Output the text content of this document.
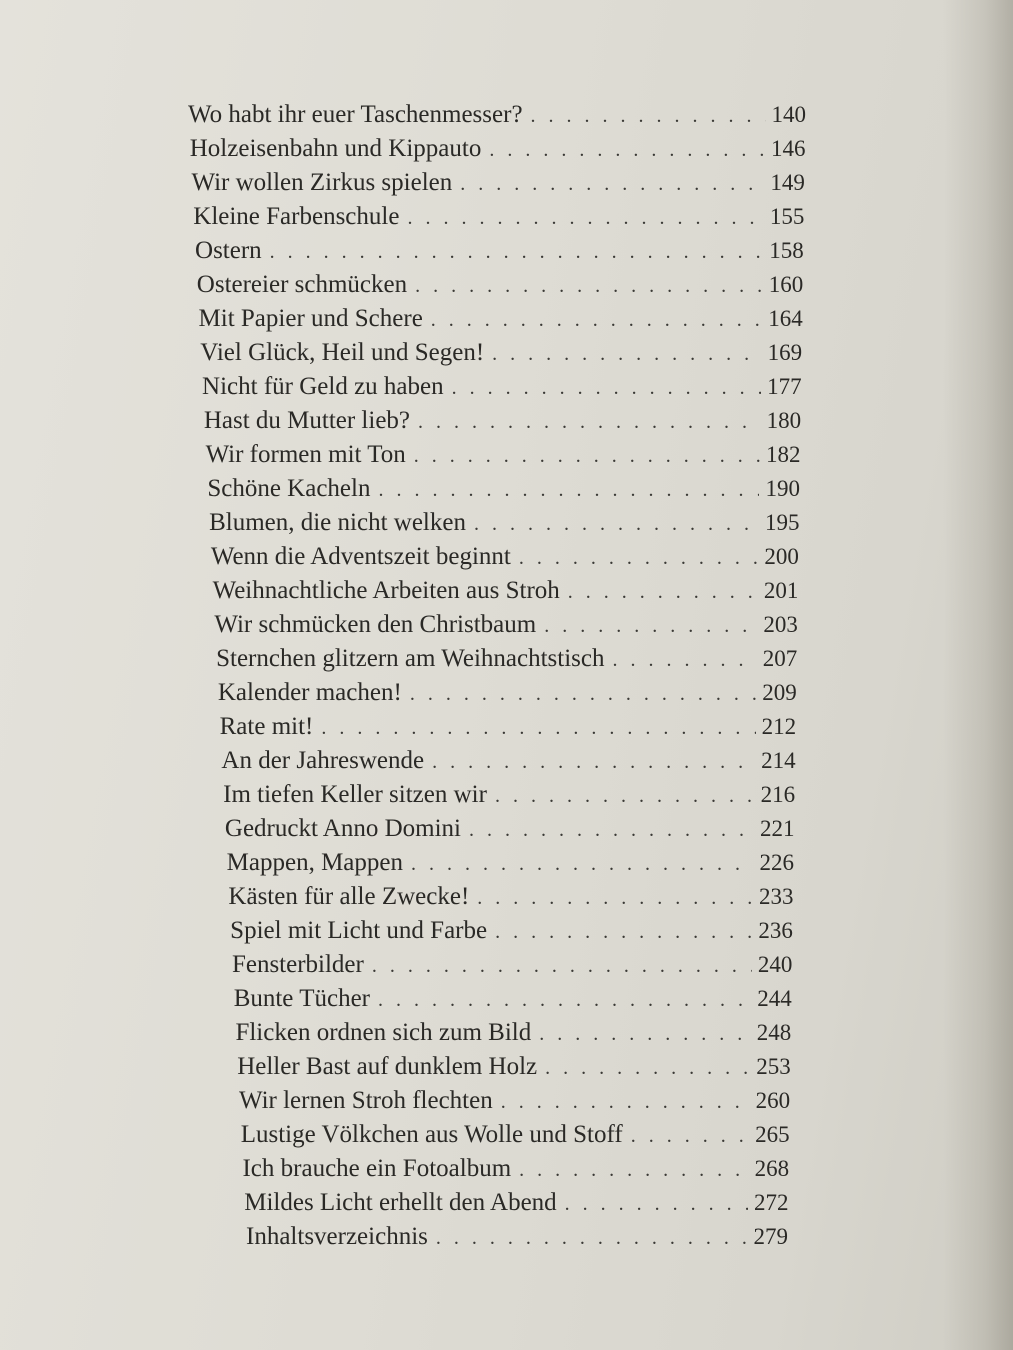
Wo habt ihr euer Taschenmesser? . . .	140
Holzeisenbahn und Kippauto . . .	146
Wir wollen Zirkus spielen . . .	149
Kleine Farbenschule . . .	155
Ostern . . .	158
Ostereier schmücken . . .	160
Mit Papier und Schere . . .	164
Viel Glück, Heil und Segen! . . .	169
Nicht für Geld zu haben . . .	177
Hast du Mutter lieb? . . .	180
Wir formen mit Ton . . .	182
Schöne Kacheln . . .	190
Blumen, die nicht welken . . .	195
Wenn die Adventszeit beginnt . . .	200
Weihnachtliche Arbeiten aus Stroh . . .	201
Wir schmücken den Christbaum . . .	203
Sternchen glitzern am Weihnachtstisch . . .	207
Kalender machen! . . .	209
Rate mit! . . .	212
An der Jahreswende . . .	214
Im tiefen Keller sitzen wir . . .	216
Gedruckt Anno Domini . . .	221
Mappen, Mappen . . .	226
Kästen für alle Zwecke! . . .	233
Spiel mit Licht und Farbe . . .	236
Fensterbilder . . .	240
Bunte Tücher . . .	244
Flicken ordnen sich zum Bild . . .	248
Heller Bast auf dunklem Holz . . .	253
Wir lernen Stroh flechten . . .	260
Lustige Völkchen aus Wolle und Stoff . . .	265
Ich brauche ein Fotoalbum . . .	268
Mildes Licht erhellt den Abend . . .	272
Inhaltsverzeichnis . . .	279
